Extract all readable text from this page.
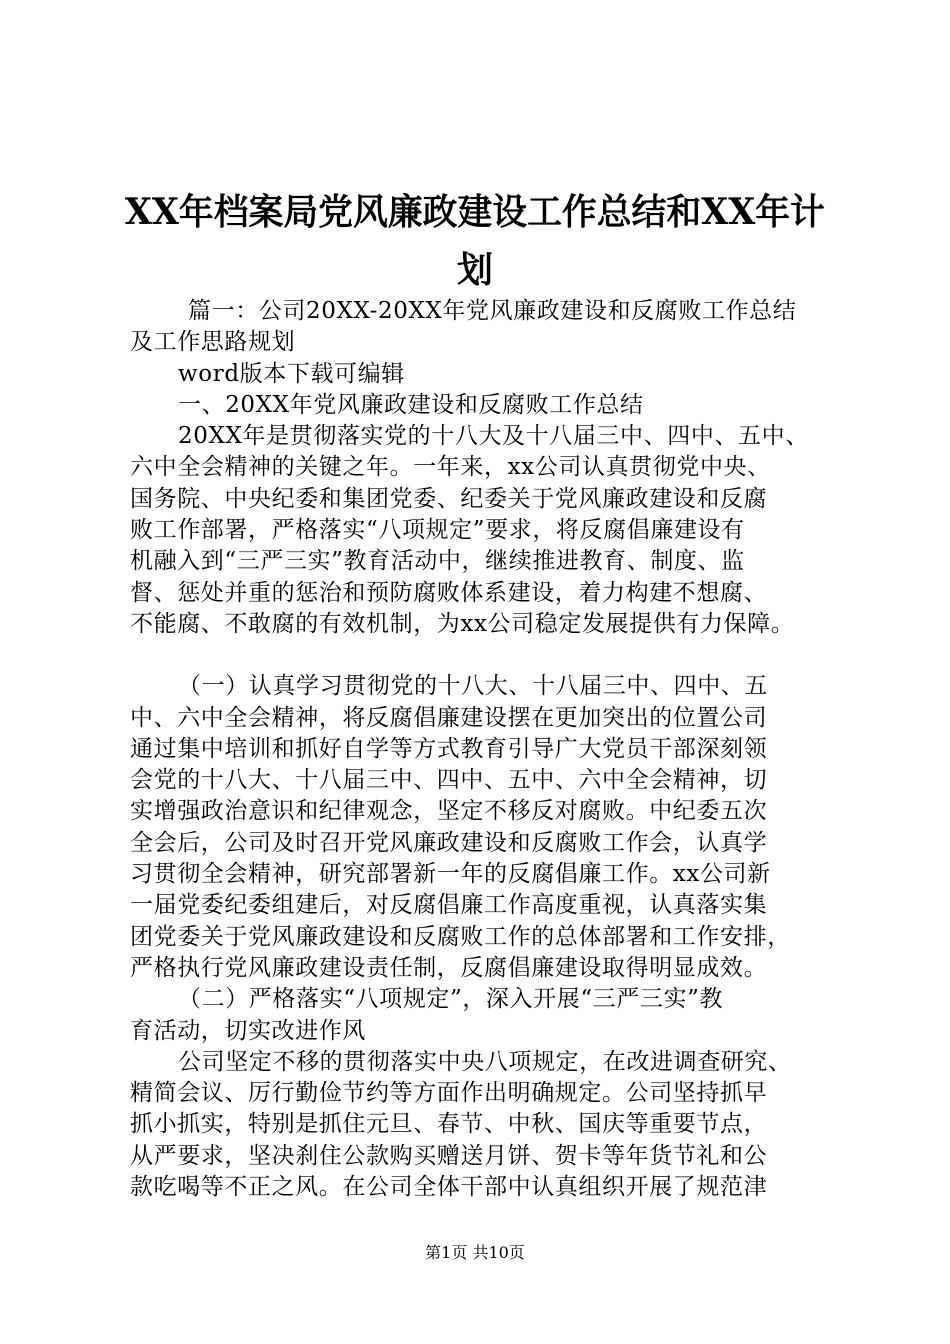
XX年档案局党风廉政建设工作总结和XX年计
划
篇一：公司20XX-20XX年党风廉政建设和反腐败工作总结
及工作思路规划
word版本下载可编辑
一、20XX年党风廉政建设和反腐败工作总结
20XX年是贯彻落实党的十八大及十八届三中、四中、五中、
六中全会精神的关键之年。一年来，xx公司认真贯彻党中央、
国务院、中央纪委和集团党委、纪委关于党风廉政建设和反腐
败工作部署，严格落实“八项规定”要求，将反腐倡廉建设有
机融入到“三严三实”教育活动中，继续推进教育、制度、监
督、惩处并重的惩治和预防腐败体系建设，着力构建不想腐、
不能腐、不敢腐的有效机制，为xx公司稳定发展提供有力保障。
（一）认真学习贯彻党的十八大、十八届三中、四中、五
中、六中全会精神，将反腐倡廉建设摆在更加突出的位置公司
通过集中培训和抓好自学等方式教育引导广大党员干部深刻领
会党的十八大、十八届三中、四中、五中、六中全会精神，切
实增强政治意识和纪律观念，坚定不移反对腐败。中纪委五次
全会后，公司及时召开党风廉政建设和反腐败工作会，认真学
习贯彻全会精神，研究部署新一年的反腐倡廉工作。xx公司新
一届党委纪委组建后，对反腐倡廉工作高度重视，认真落实集
团党委关于党风廉政建设和反腐败工作的总体部署和工作安排，
严格执行党风廉政建设责任制，反腐倡廉建设取得明显成效。
（二）严格落实“八项规定”，深入开展“三严三实”教
育活动，切实改进作风
公司坚定不移的贯彻落实中央八项规定，在改进调查研究、
精简会议、厉行勤俭节约等方面作出明确规定。公司坚持抓早
抓小抓实，特别是抓住元旦、春节、中秋、国庆等重要节点，
从严要求，坚决刹住公款购买赠送月饼、贺卡等年货节礼和公
款吃喝等不正之风。在公司全体干部中认真组织开展了规范津
第1页 共10页
